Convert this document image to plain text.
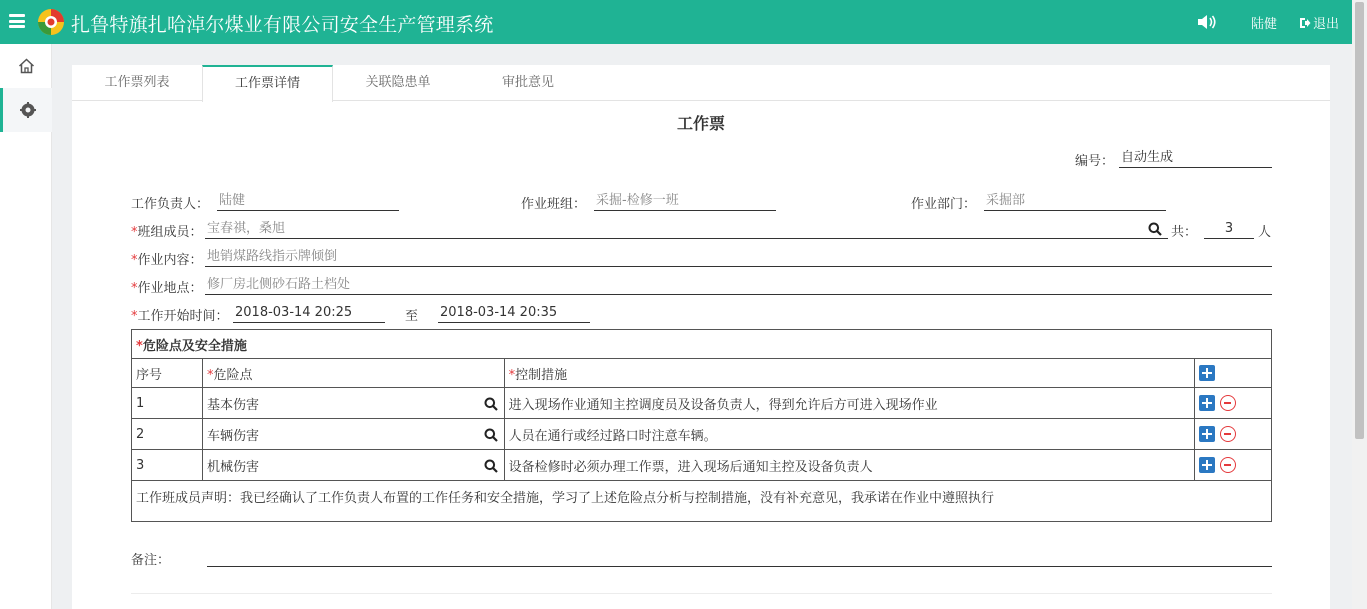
扎鲁特旗扎哈淖尔煤业有限公司安全生产管理系统	陆健	退出
工作票列表	工作票详情	关联隐患单	审批意见
工作票
编号： 自动生成
工作负责人： 陆健	作业班组： 采掘-检修一班	作业部门： 采掘部
*班组成员： 宝春祺，桑旭	共：	3	人
*作业内容： 地销煤路线指示牌倾倒
*作业地点： 修厂房北侧砂石路土档处
*工作开始时间： 2018-03-14 20:25	至 2018-03-14 20:35
*危险点及安全措施			
序号	*危险点	*控制措施	
1	基本伤害	进入现场作业通知主控调度员及设备负责人，得到允许后方可进入现场作业	
2	车辆伤害	人员在通行或经过路口时注意车辆。	
3	机械伤害	设备检修时必须办理工作票，进入现场后通知主控及设备负责人	
工作班成员声明：我已经确认了工作负责人布置的工作任务和安全措施，学习了上述危险点分析与控制措施，没有补充意见，我承诺在作业中遵照执行			
备注：
